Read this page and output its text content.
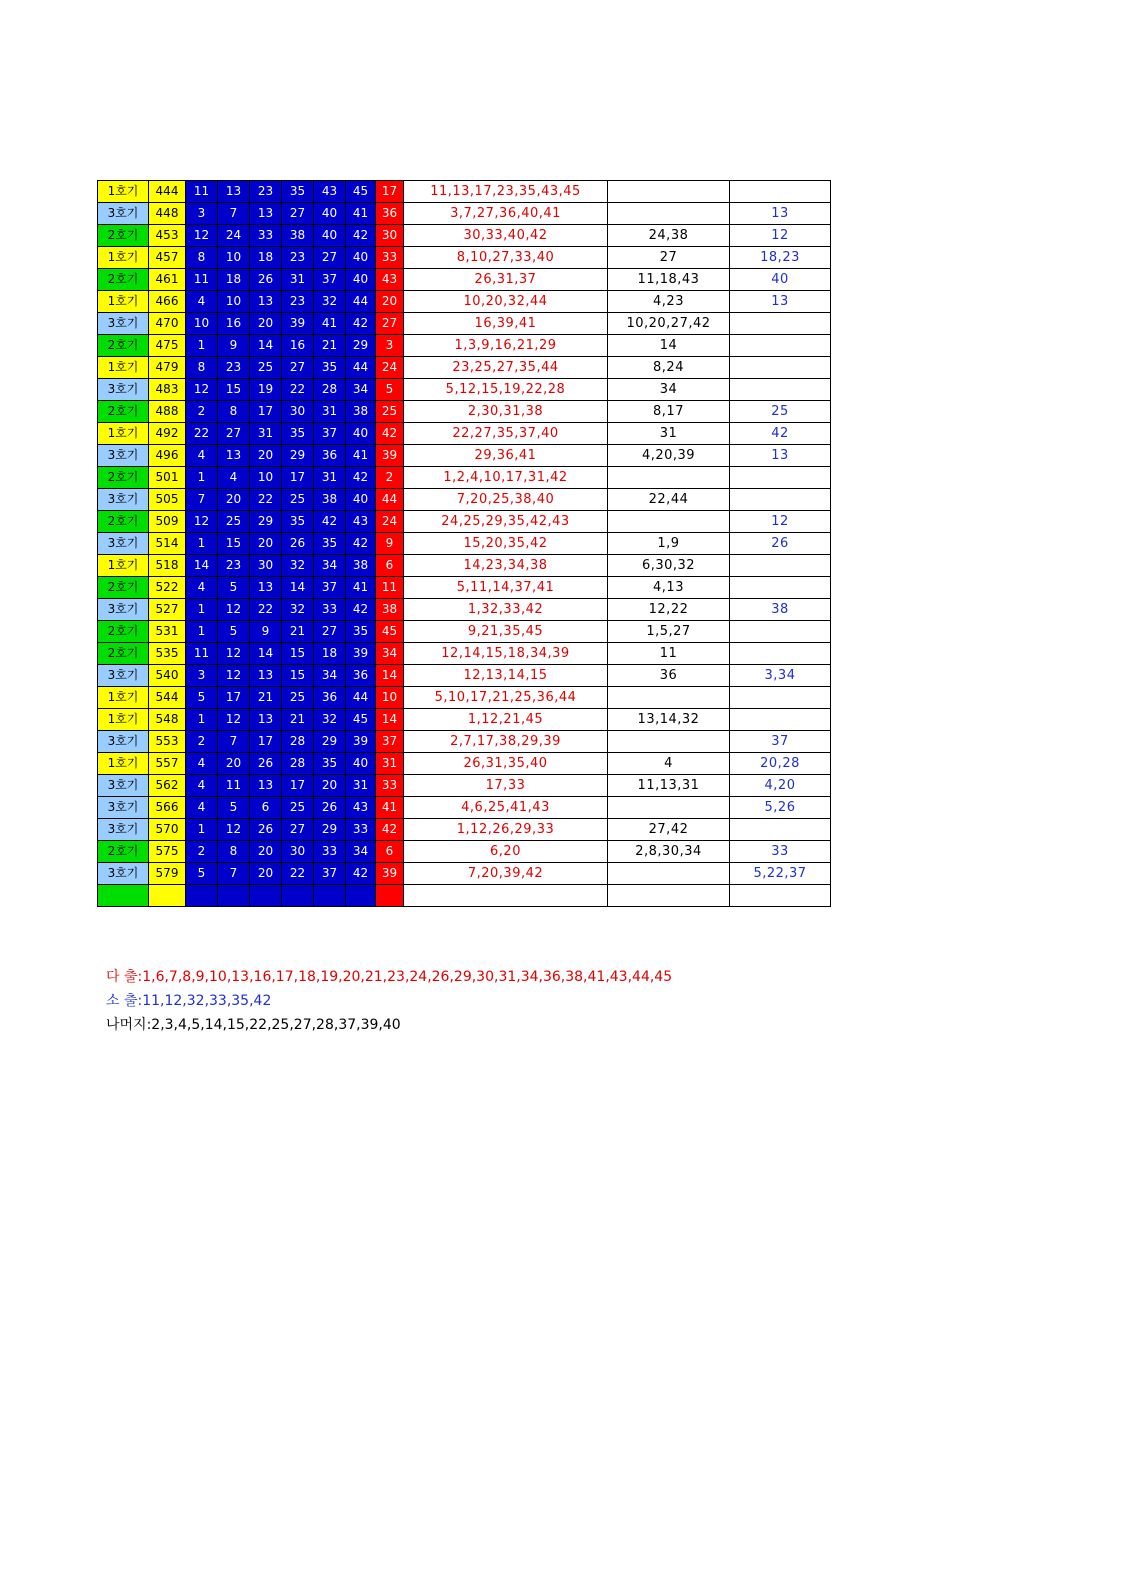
1호기	444	11	13	23	35	43	45	17	11,13,17,23,35,43,45		
3호기	448	3	7	13	27	40	41	36	3,7,27,36,40,41		13
2호기	453	12	24	33	38	40	42	30	30,33,40,42	24,38	12
1호기	457	8	10	18	23	27	40	33	8,10,27,33,40	27	18,23
2호기	461	11	18	26	31	37	40	43	26,31,37	11,18,43	40
1호기	466	4	10	13	23	32	44	20	10,20,32,44	4,23	13
3호기	470	10	16	20	39	41	42	27	16,39,41	10,20,27,42	
2호기	475	1	9	14	16	21	29	3	1,3,9,16,21,29	14	
1호기	479	8	23	25	27	35	44	24	23,25,27,35,44	8,24	
3호기	483	12	15	19	22	28	34	5	5,12,15,19,22,28	34	
2호기	488	2	8	17	30	31	38	25	2,30,31,38	8,17	25
1호기	492	22	27	31	35	37	40	42	22,27,35,37,40	31	42
3호기	496	4	13	20	29	36	41	39	29,36,41	4,20,39	13
2호기	501	1	4	10	17	31	42	2	1,2,4,10,17,31,42		
3호기	505	7	20	22	25	38	40	44	7,20,25,38,40	22,44	
2호기	509	12	25	29	35	42	43	24	24,25,29,35,42,43		12
3호기	514	1	15	20	26	35	42	9	15,20,35,42	1,9	26
1호기	518	14	23	30	32	34	38	6	14,23,34,38	6,30,32	
2호기	522	4	5	13	14	37	41	11	5,11,14,37,41	4,13	
3호기	527	1	12	22	32	33	42	38	1,32,33,42	12,22	38
2호기	531	1	5	9	21	27	35	45	9,21,35,45	1,5,27	
2호기	535	11	12	14	15	18	39	34	12,14,15,18,34,39	11	
3호기	540	3	12	13	15	34	36	14	12,13,14,15	36	3,34
1호기	544	5	17	21	25	36	44	10	5,10,17,21,25,36,44		
1호기	548	1	12	13	21	32	45	14	1,12,21,45	13,14,32	
3호기	553	2	7	17	28	29	39	37	2,7,17,38,29,39		37
1호기	557	4	20	26	28	35	40	31	26,31,35,40	4	20,28
3호기	562	4	11	13	17	20	31	33	17,33	11,13,31	4,20
3호기	566	4	5	6	25	26	43	41	4,6,25,41,43		5,26
3호기	570	1	12	26	27	29	33	42	1,12,26,29,33	27,42	
2호기	575	2	8	20	30	33	34	6	6,20	2,8,30,34	33
3호기	579	5	7	20	22	37	42	39	7,20,39,42		5,22,37

다 출:1,6,7,8,9,10,13,16,17,18,19,20,21,23,24,26,29,30,31,34,36,38,41,43,44,45
소 출:11,12,32,33,35,42
나머지:2,3,4,5,14,15,22,25,27,28,37,39,40
